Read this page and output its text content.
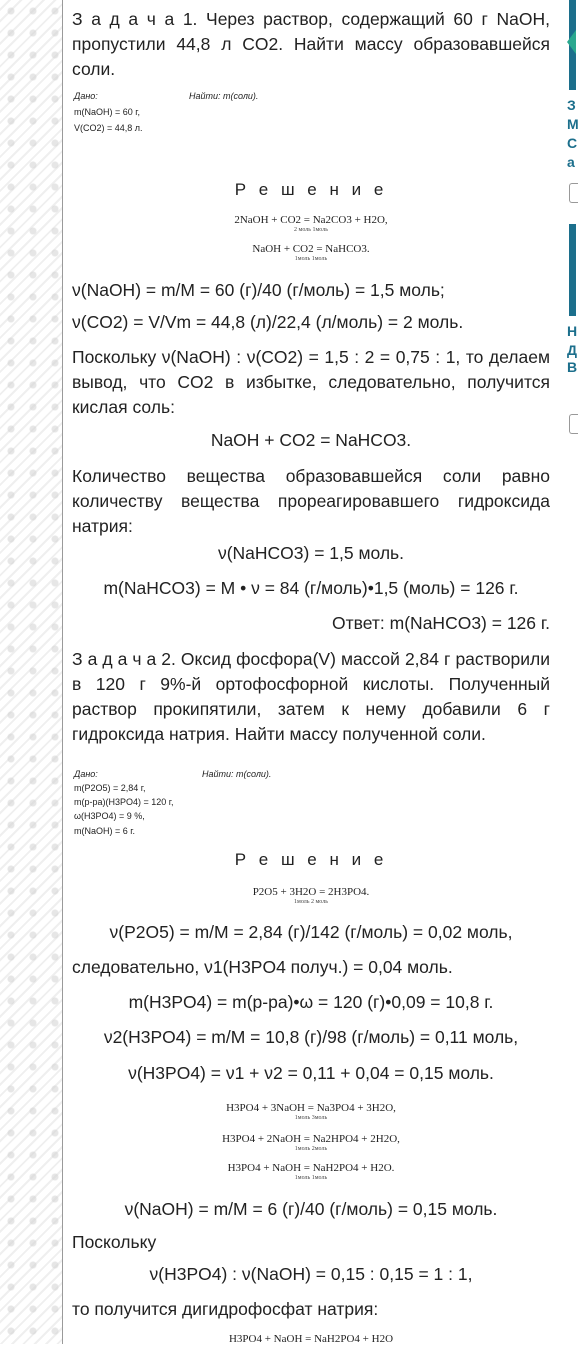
З
М
С
а
Н
Д
В

З а д а ч а 1. Через раствор, содержащий 60 г NaOH, пропустили 44,8 л CO2. Найти массу образовавшейся соли.

Дано:	Найти: m(соли).
m(NaOH) = 60 г,
V(CO2) = 44,8 л.
Р е ш е н и е
2NaOH + CO2 = Na2CO3 + H2O,
2 моль 1моль
NaOH + CO2 = NaHCO3.
1моль 1моль

ν(NaOH) = m/M = 60 (г)/40 (г/моль) = 1,5 моль;

ν(CO2) = V/Vm = 44,8 (л)/22,4 (л/моль) = 2 моль.

Поскольку ν(NaOH) : ν(CO2) = 1,5 : 2 = 0,75 : 1, то делаем вывод, что CO2 в избытке, следовательно, получится кислая соль:

NaOH + CO2 = NaHCO3.

Количество вещества образовавшейся соли равно количеству вещества прореагировавшего гидроксида натрия:

ν(NaHCO3) = 1,5 моль.

m(NaHCO3) = M • ν = 84 (г/моль)•1,5 (моль) = 126 г.

Ответ: m(NaHCO3) = 126 г.

З а д а ч а 2. Оксид фосфора(V) массой 2,84 г растворили в 120 г 9%-й ортофосфорной кислоты. Полученный раствор прокипятили, затем к нему добавили 6 г гидроксида натрия. Найти массу полученной соли.

Дано:	Найти: m(соли).
m(P2O5) = 2,84 г,
m(р-ра)(H3PO4) = 120 г,
ω(H3PO4) = 9 %,
m(NaOH) = 6 г.
Р е ш е н и е
P2O5 + 3H2O = 2H3PO4.
1моль 2 моль

ν(P2O5) = m/M = 2,84 (г)/142 (г/моль) = 0,02 моль,

следовательно, ν1(H3PO4 получ.) = 0,04 моль.

m(H3PO4) = m(р-ра)•ω = 120 (г)•0,09 = 10,8 г.

ν2(H3PO4) = m/M = 10,8 (г)/98 (г/моль) = 0,11 моль,

ν(H3PO4) = ν1 + ν2 = 0,11 + 0,04 = 0,15 моль.

H3PO4 + 3NaOH = Na3PO4 + 3H2O,
1моль 3моль
H3PO4 + 2NaOH = Na2HPO4 + 2H2O,
1моль 2моль
H3PO4 + NaOH = NaH2PO4 + H2O.
1моль 1моль

ν(NaOH) = m/M = 6 (г)/40 (г/моль) = 0,15 моль.

Поскольку

ν(H3PO4) : ν(NaOH) = 0,15 : 0,15 = 1 : 1,

то получится дигидрофосфат натрия:

H3PO4 + NaOH = NaH2PO4 + H2O
